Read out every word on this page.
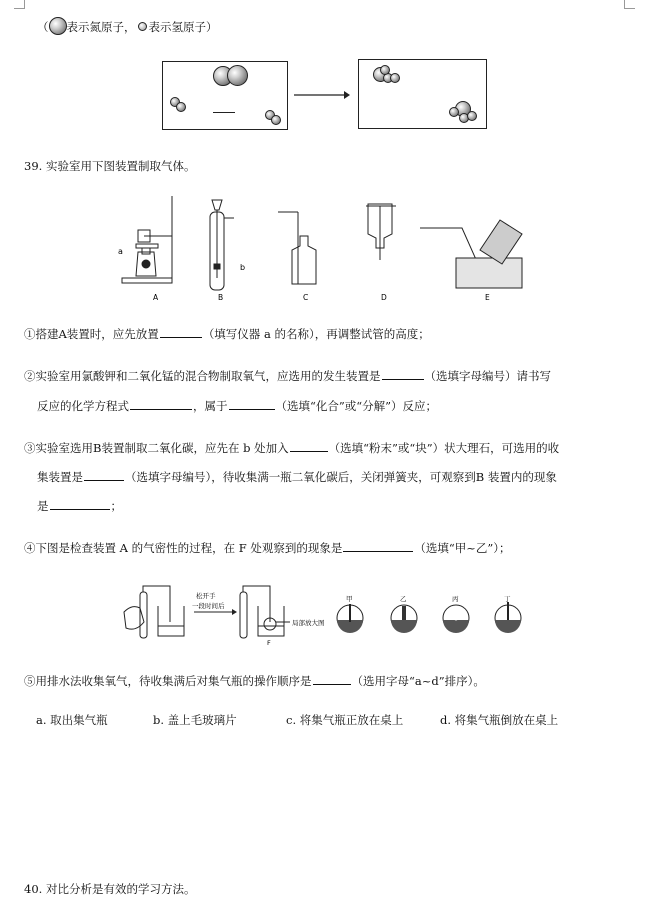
（ 表示氮原子， 表示氢原子）
39. 实验室用下图装置制取气体。
a
b
A	B	C	D	E
①搭建A装置时，应先放置	（填写仪器 a 的名称），再调整试管的高度；
②实验室用氯酸钾和二氧化锰的混合物制取氧气，应选用的发生装置是	（选填字母编号）请书写
反应的化学方程式	，属于	（选填“化合”或“分解”）反应；
③实验室选用B装置制取二氧化碳，应先在 b 处加入	（选填“粉末”或“块”）状大理石，可选用的收
集装置是	（选填字母编号），待收集满一瓶二氧化碳后，关闭弹簧夹，可观察到B 装置内的现象
是	；
④下图是检查装置 A 的气密性的过程，在 F 处观察到的现象是	（选填“甲~乙”）；
松开手
一段时间后
F
局部放大图
甲	乙	丙	丁
⑤用排水法收集氧气，待收集满后对集气瓶的操作顺序是	（选用字母“a~d”排序）。
a. 取出集气瓶	b. 盖上毛玻璃片	c. 将集气瓶正放在桌上	d. 将集气瓶倒放在桌上
40. 对比分析是有效的学习方法。
